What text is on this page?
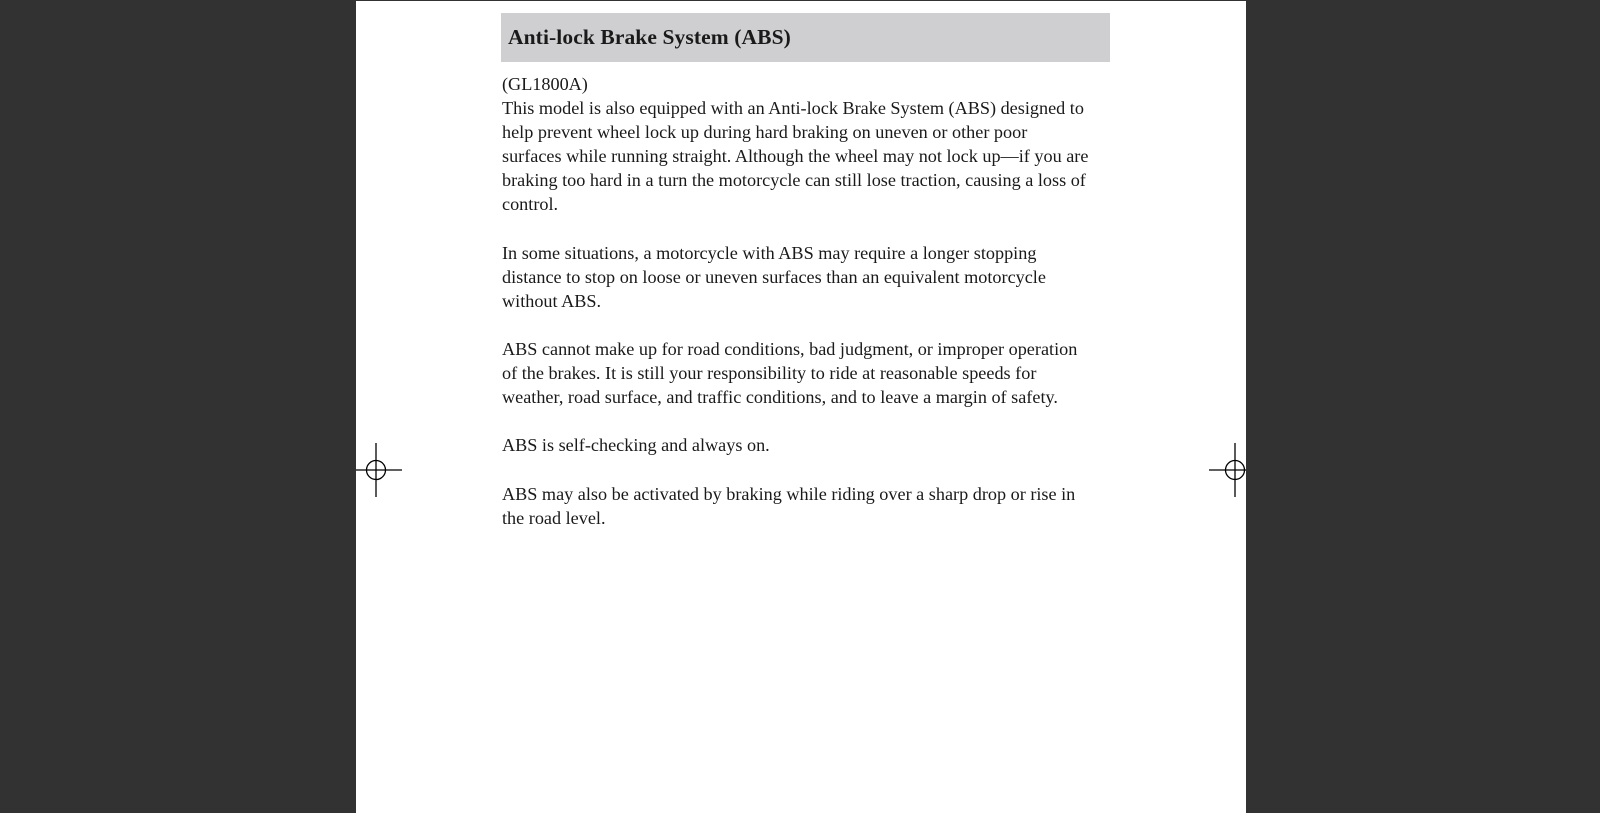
Anti-lock Brake System (ABS)
(GL1800A)
This model is also equipped with an Anti-lock Brake System (ABS) designed to
help prevent wheel lock up during hard braking on uneven or other poor
surfaces while running straight. Although the wheel may not lock up—if you are
braking too hard in a turn the motorcycle can still lose traction, causing a loss of
control.
In some situations, a motorcycle with ABS may require a longer stopping
distance to stop on loose or uneven surfaces than an equivalent motorcycle
without ABS.
ABS cannot make up for road conditions, bad judgment, or improper operation
of the brakes. It is still your responsibility to ride at reasonable speeds for
weather, road surface, and traffic conditions, and to leave a margin of safety.
ABS is self-checking and always on.
ABS may also be activated by braking while riding over a sharp drop or rise in
the road level.
